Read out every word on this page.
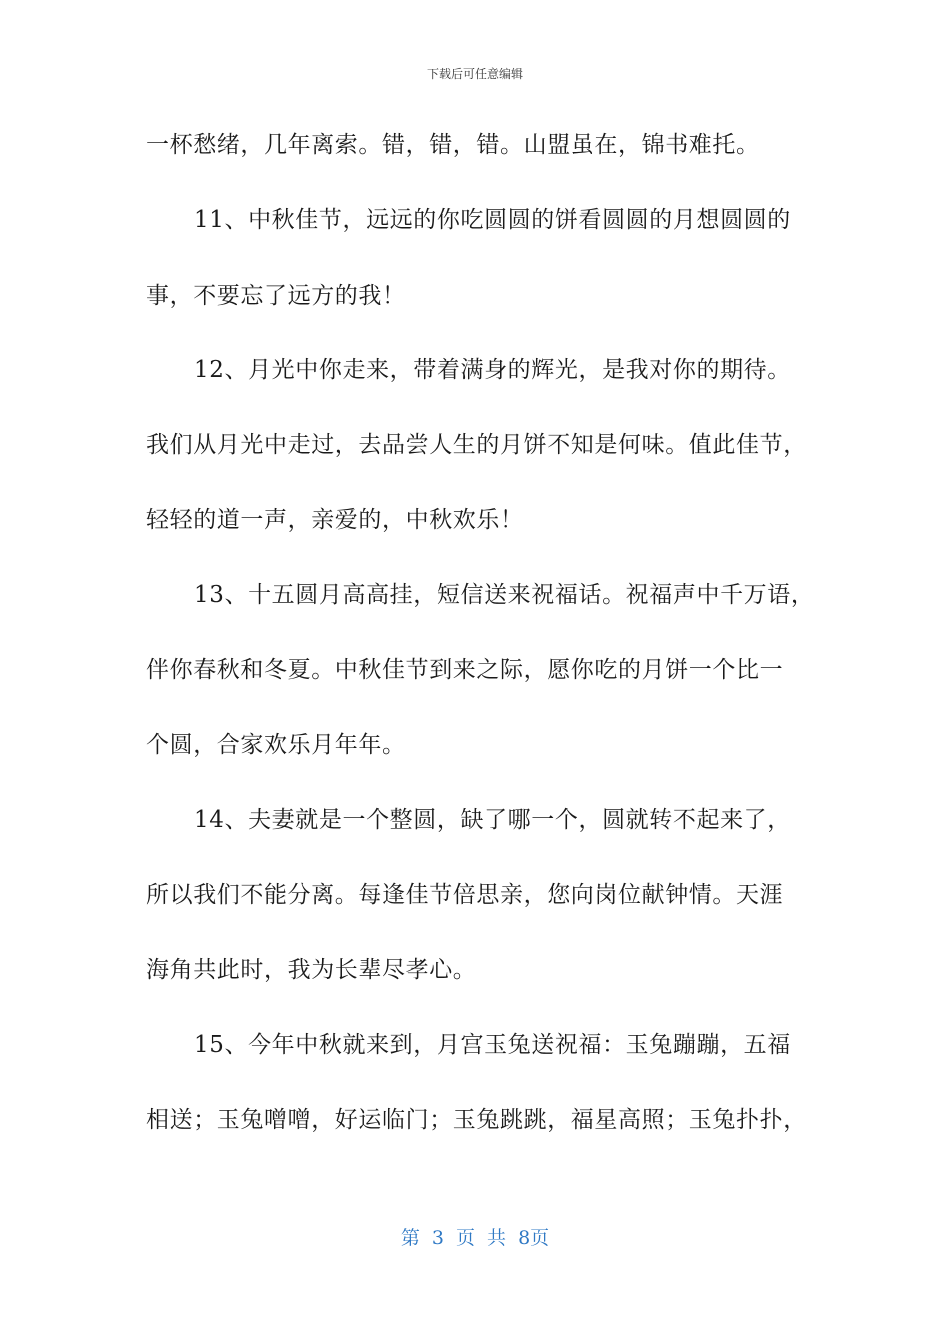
下载后可任意编辑
一杯愁绪，几年离索。错，错，错。山盟虽在，锦书难托。
11、中秋佳节，远远的你吃圆圆的饼看圆圆的月想圆圆的
事，不要忘了远方的我！
12、月光中你走来，带着满身的辉光，是我对你的期待。
我们从月光中走过，去品尝人生的月饼不知是何味。值此佳节，
轻轻的道一声，亲爱的，中秋欢乐！
13、十五圆月高高挂，短信送来祝福话。祝福声中千万语，
伴你春秋和冬夏。中秋佳节到来之际，愿你吃的月饼一个比一
个圆，合家欢乐月年年。
14、夫妻就是一个整圆，缺了哪一个，圆就转不起来了，
所以我们不能分离。每逢佳节倍思亲，您向岗位献钟情。天涯
海角共此时，我为长辈尽孝心。
15、今年中秋就来到，月宫玉兔送祝福：玉兔蹦蹦，五福
相送；玉兔噌噌，好运临门；玉兔跳跳，福星高照；玉兔扑扑，
第 3 页 共 8页
